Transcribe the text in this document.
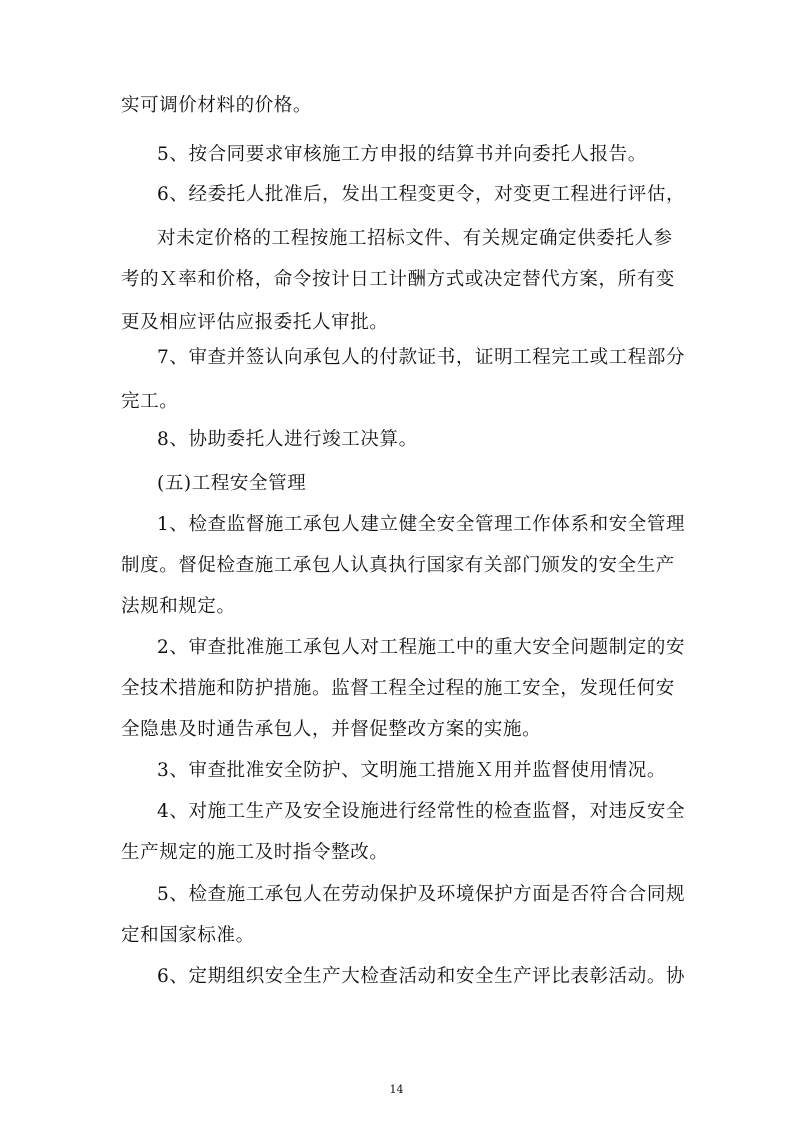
实可调价材料的价格。
5、按合同要求审核施工方申报的结算书并向委托人报告。
6、经委托人批准后，发出工程变更令，对变更工程进行评估，
对未定价格的工程按施工招标文件、有关规定确定供委托人参
考的Ｘ率和价格，命令按计日工计酬方式或决定替代方案，所有变
更及相应评估应报委托人审批。
7、审查并签认向承包人的付款证书，证明工程完工或工程部分
完工。
8、协助委托人进行竣工决算。
(五)工程安全管理
1、检查监督施工承包人建立健全安全管理工作体系和安全管理
制度。督促检查施工承包人认真执行国家有关部门颁发的安全生产
法规和规定。
2、审查批准施工承包人对工程施工中的重大安全问题制定的安
全技术措施和防护措施。监督工程全过程的施工安全，发现任何安
全隐患及时通告承包人，并督促整改方案的实施。
3、审查批准安全防护、文明施工措施Ｘ用并监督使用情况。
4、对施工生产及安全设施进行经常性的检查监督，对违反安全
生产规定的施工及时指令整改。
5、检查施工承包人在劳动保护及环境保护方面是否符合合同规
定和国家标准。
6、定期组织安全生产大检查活动和安全生产评比表彰活动。协
14
